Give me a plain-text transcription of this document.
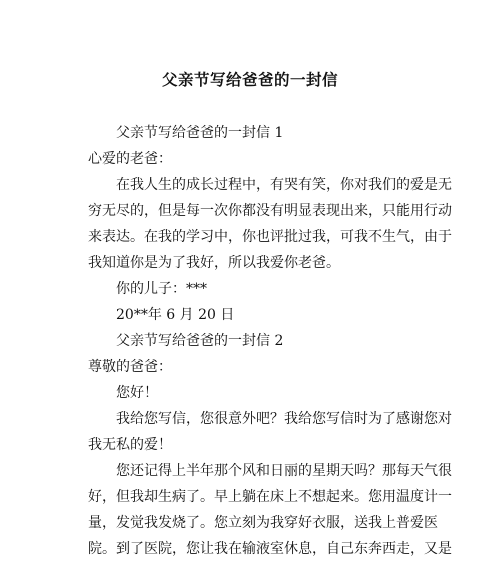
父亲节写给爸爸的一封信
父亲节写给爸爸的一封信 1
心爱的老爸：
在我人生的成长过程中，有哭有笑，你对我们的爱是无
穷无尽的，但是每一次你都没有明显表现出来，只能用行动
来表达。在我的学习中，你也评批过我，可我不生气，由于
我知道你是为了我好，所以我爱你老爸。
你的儿子：***
20**年 6 月 20 日
父亲节写给爸爸的一封信 2
尊敬的爸爸：
您好！
我给您写信，您很意外吧？我给您写信时为了感谢您对
我无私的爱！
您还记得上半年那个风和日丽的星期天吗？那每天气很
好，但我却生病了。早上躺在床上不想起来。您用温度计一
量，发觉我发烧了。您立刻为我穿好衣服，送我上普爱医
院。到了医院，您让我在输液室休息，自己东奔西走，又是
